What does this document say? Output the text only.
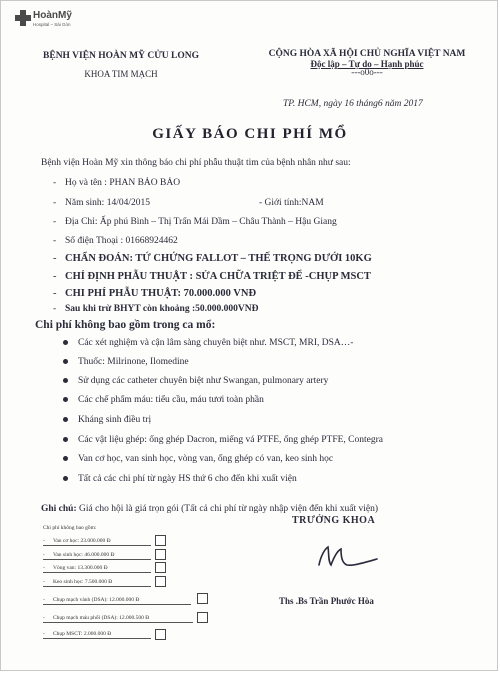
HoànMỹ
Hospital – Sài Gòn
BỆNH VIỆN HOÀN MỸ CỬU LONG
KHOA TIM MẠCH
CỘNG HÒA XÃ HỘI CHỦ NGHĨA VIỆT NAM
Độc lập – Tự do – Hạnh phúc
---o0o---
TP. HCM, ngày 16 tháng6 năm 2017
GIẤY BÁO CHI PHÍ MỔ
Bệnh viện Hoàn Mỹ xin thông báo chi phí phẫu thuật tim của bệnh nhân như sau:
- Họ và tên : PHAN BẢO BẢO
- Năm sinh: 14/04/2015	- Giới tính:NAM
- Địa Chỉ: Ấp phú Bình – Thị Trấn Mái Dầm – Châu Thành – Hậu Giang
- Số điện Thoại : 01668924462
- CHẨN ĐOÁN: TỨ CHỨNG FALLOT – THẾ TRỌNG DƯỚI 10KG
- CHỈ ĐỊNH PHẪU THUẬT : SỬA CHỮA TRIỆT ĐỂ -CHỤP MSCT
- CHI PHÍ PHẪU THUẬT: 70.000.000 VNĐ
- Sau khi trừ BHYT còn khoảng :50.000.000VNĐ
Chi phí không bao gồm trong ca mổ:
Các xét nghiệm và cận lâm sàng chuyên biệt như. MSCT, MRI, DSA…-
Thuốc: Milrinone, Ilomedine
Sử dụng các catheter chuyên biệt như Swangan, pulmonary artery
Các chế phẩm máu: tiểu cầu, máu tươi toàn phần
Kháng sinh điều trị
Các vật liệu ghép: ống ghép Dacron, miếng vá PTFE, ống ghép PTFE, Contegra
Van cơ học, van sinh học, vòng van, ống ghép có van, keo sinh học
Tất cả các chi phí từ ngày HS thứ 6 cho đến khi xuất viện
Ghi chú: Giá cho hội là giá trọn gói (Tất cả chi phí từ ngày nhập viện đến khi xuất viện)
TRƯỞNG KHOA
Ths .Bs Trần Phước Hòa
Chi phí không bao gồm:
- Van cơ học: 23.000.000 Đ
- Van sinh học: 46.000.000 Đ
- Vòng van: 13.300.000 Đ
- Keo sinh học: 7.500.000 Đ
- Chụp mạch vành (DSA): 12.000.000 Đ
- Chụp mạch máu phổi (DSA): 12.000.500 Đ
- Chụp MSCT: 2.000.000 Đ
